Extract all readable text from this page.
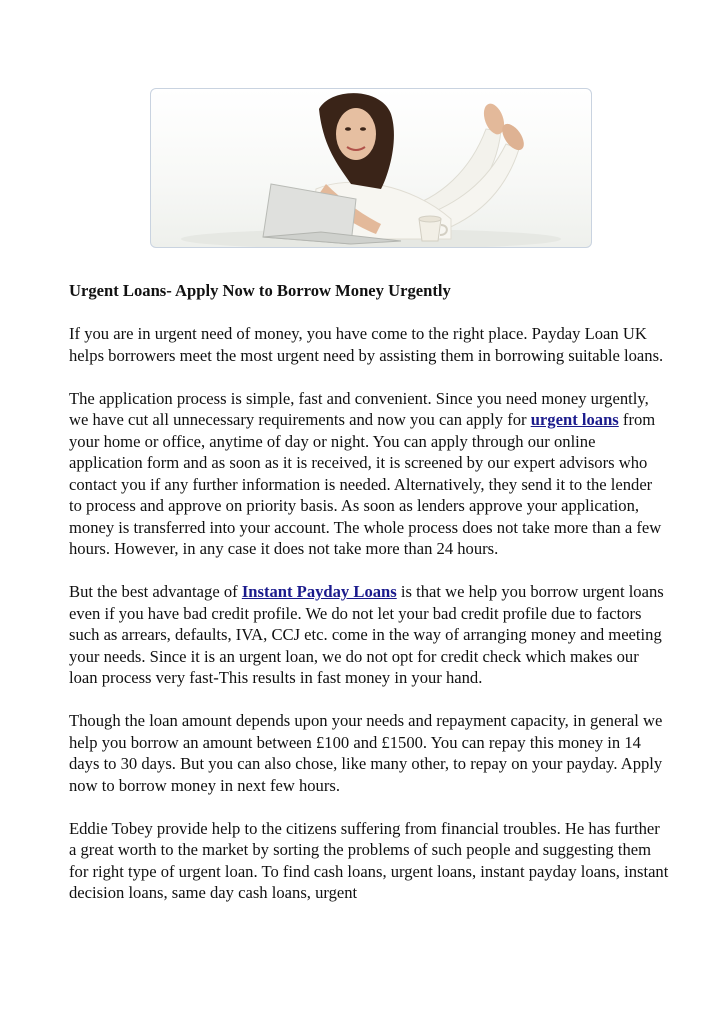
Urgent Loans- Apply Now to Borrow Money Urgently

If you are in urgent need of money, you have come to the right place. Payday Loan UK helps borrowers meet the most urgent need by assisting them in borrowing suitable loans.

The application process is simple, fast and convenient. Since you need money urgently, we have cut all unnecessary requirements and now you can apply for urgent loans from your home or office, anytime of day or night. You can apply through our online application form and as soon as it is received, it is screened by our expert advisors who contact you if any further information is needed. Alternatively, they send it to the lender to process and approve on priority basis. As soon as lenders approve your application, money is transferred into your account. The whole process does not take more than a few hours. However, in any case it does not take more than 24 hours.

But the best advantage of Instant Payday Loans is that we help you borrow urgent loans even if you have bad credit profile. We do not let your bad credit profile due to factors such as arrears, defaults, IVA, CCJ etc. come in the way of arranging money and meeting your needs. Since it is an urgent loan, we do not opt for credit check which makes our loan process very fast-This results in fast money in your hand.

Though the loan amount depends upon your needs and repayment capacity, in general we help you borrow an amount between £100 and £1500. You can repay this money in 14 days to 30 days. But you can also chose, like many other, to repay on your payday. Apply now to borrow money in next few hours.

Eddie Tobey provide help to the citizens suffering from financial troubles. He has further a great worth to the market by sorting the problems of such people and suggesting them for right type of urgent loan. To find cash loans, urgent loans, instant payday loans, instant decision loans, same day cash loans, urgent
